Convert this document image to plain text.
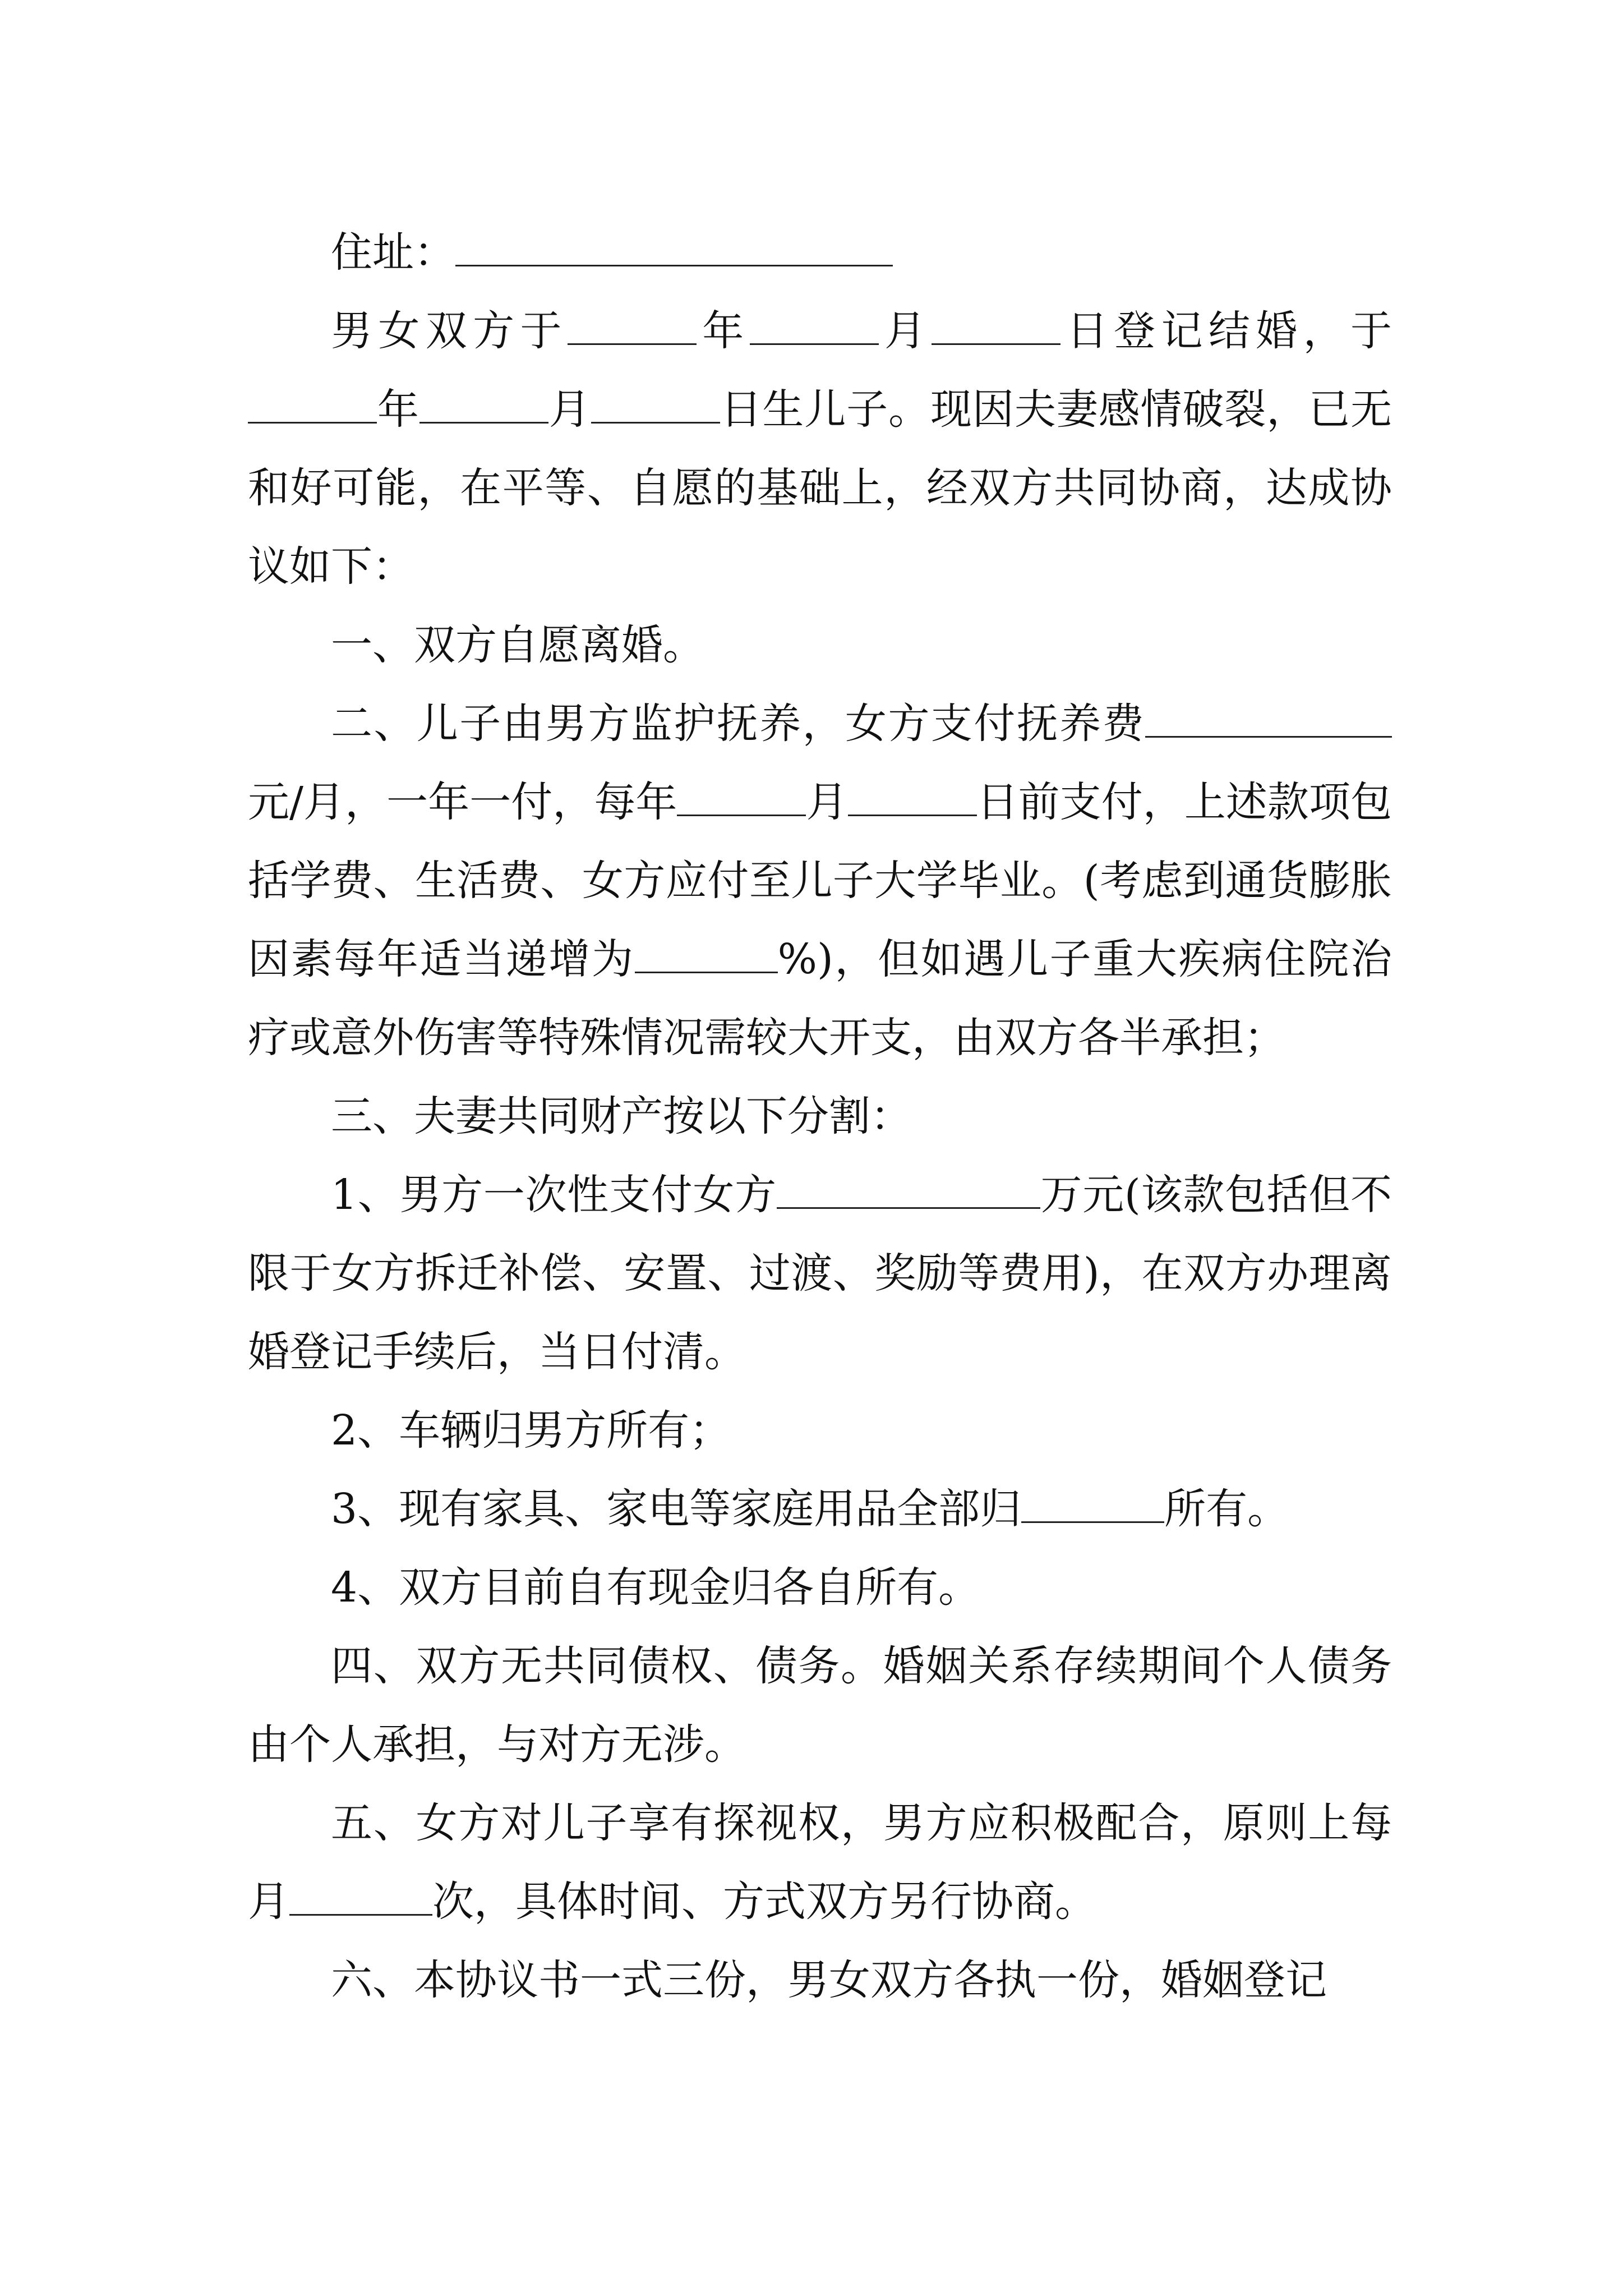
住址：

男女双方于	年	月	日登记结婚，于年	月	日生儿子。现因夫妻感情破裂，已无和好可能，在平等、自愿的基础上，经双方共同协商，达成协议如下：

一、双方自愿离婚。

二、儿子由男方监护抚养，女方支付抚养费元/月，一年一付，每年	月	日前支付，上述款项包括学费、生活费、女方应付至儿子大学毕业。(考虑到通货膨胀因素每年适当递增为	%)，但如遇儿子重大疾病住院治疗或意外伤害等特殊情况需较大开支，由双方各半承担；

三、夫妻共同财产按以下分割：

1、男方一次性支付女方	万元(该款包括但不限于女方拆迁补偿、安置、过渡、奖励等费用)，在双方办理离婚登记手续后，当日付清。

2、车辆归男方所有；

3、现有家具、家电等家庭用品全部归	所有。

4、双方目前自有现金归各自所有。

四、双方无共同债权、债务。婚姻关系存续期间个人债务由个人承担，与对方无涉。

五、女方对儿子享有探视权，男方应积极配合，原则上每月	次，具体时间、方式双方另行协商。

六、本协议书一式三份，男女双方各执一份，婚姻登记
